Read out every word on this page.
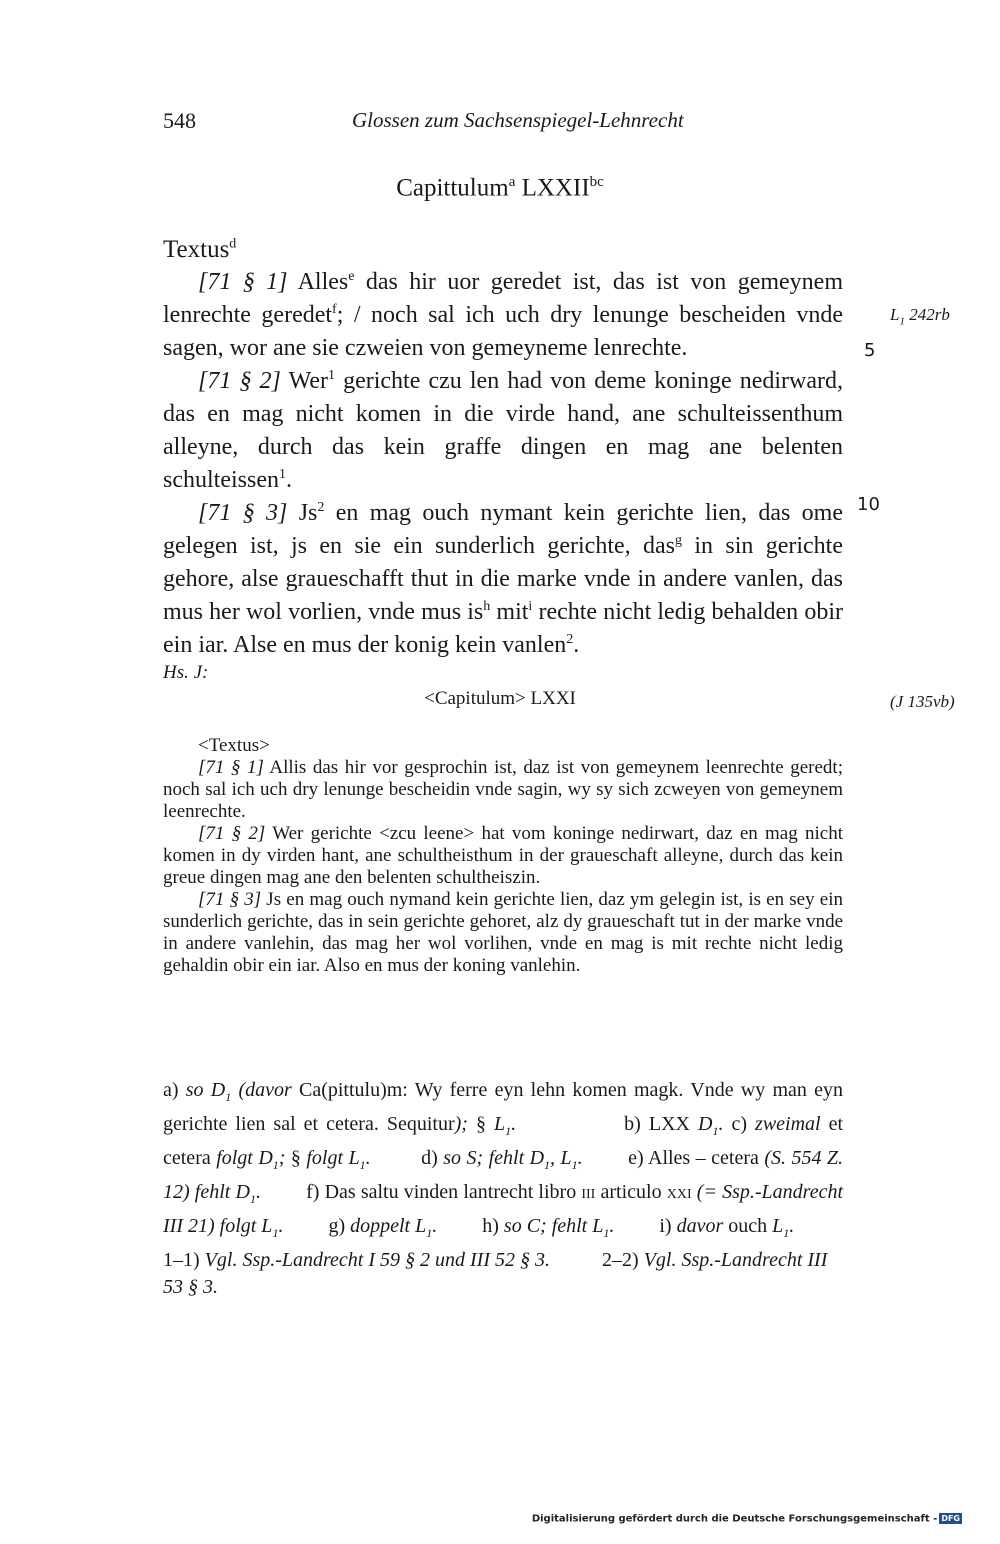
548	Glossen zum Sachsenspiegel-Lehnrecht
Capittulum$^a$ $LXXII^{bc}$

Textus$^d$

[71 § 1] Alles$^e$ das hir uor geredet ist, das ist von gemeynem lenrechte geredet$^f$; / noch sal ich uch dry lenunge bescheiden vnde sagen, wor ane sie czweien von gemeyneme lenrechte.

[71 § 2] Wer$^1$ gerichte czu len had von deme koninge nedirward, das en mag nicht komen in die virde hand, ane schulteissenthum alleyne, durch das kein graffe dingen en mag ane belenten schulteissen$^1$.

[71 § 3] Js$^2$ en mag ouch nymant kein gerichte lien, das ome gelegen ist, js en sie ein sunderlich gerichte, das$^g$ in sin gerichte gehore, alse graueschafft thut in die marke vnde in andere vanlen, das mus her wol vorlien, vnde mus $is^h$ mit$^i$ rechte nicht ledig behalden obir ein iar. Alse en mus der konig kein vanlen$^2$.

$L_1$ 242rb
5
10
Hs. J:
<Capitulum> LXXI	(J 135vb)

<Textus>

[71 § 1] Allis das hir vor gesprochin ist, daz ist von gemeynem leenrechte geredt; noch sal ich uch dry lenunge bescheidin vnde sagin, wy sy sich zcweyen von gemeynem leenrechte.

[71 § 2] Wer gerichte <zcu leene> hat vom koninge nedirwart, daz en mag nicht komen in dy virden hant, ane schultheisthum in der graueschaft alleyne, durch das kein greue dingen mag ane den belenten schultheiszin.

[71 § 3] Js en mag ouch nymand kein gerichte lien, daz ym gelegin ist, is en sey ein sunderlich gerichte, das in sein gerichte gehoret, alz dy graueschaft tut in der marke vnde in andere vanlehin, das mag her wol vorlihen, vnde en mag is mit rechte nicht ledig gehaldin obir ein iar. Also en mus der koning vanlehin.

a) so $D_1$ (davor Ca(pittulu)m: Wy ferre eyn lehn komen magk. Vnde wy man eyn gerichte lien sal et cetera. Sequitur); § $L_1$.	b) LXX $D_1$. c) zweimal et cetera folgt $D_1$; § folgt $L_1$.	d) so S; fehlt $D_1$, $L_1$. e) Alles – cetera (S. 554 Z. 12) fehlt $D_1$. f) Das saltu vinden lantrecht libro iii articulo xxi (= Ssp.-Landrecht III 21) folgt $L_1$. g) doppelt $L_1$. h) so C; fehlt $L_1$. i) davor ouch $L_1$.

1–1) Vgl. Ssp.-Landrecht I 59 § 2 und III 52 § 3.	2–2) Vgl. Ssp.-Landrecht III 53 § 3.

Digitalisierung gefördert durch die Deutsche Forschungsgemeinschaft - DFG
